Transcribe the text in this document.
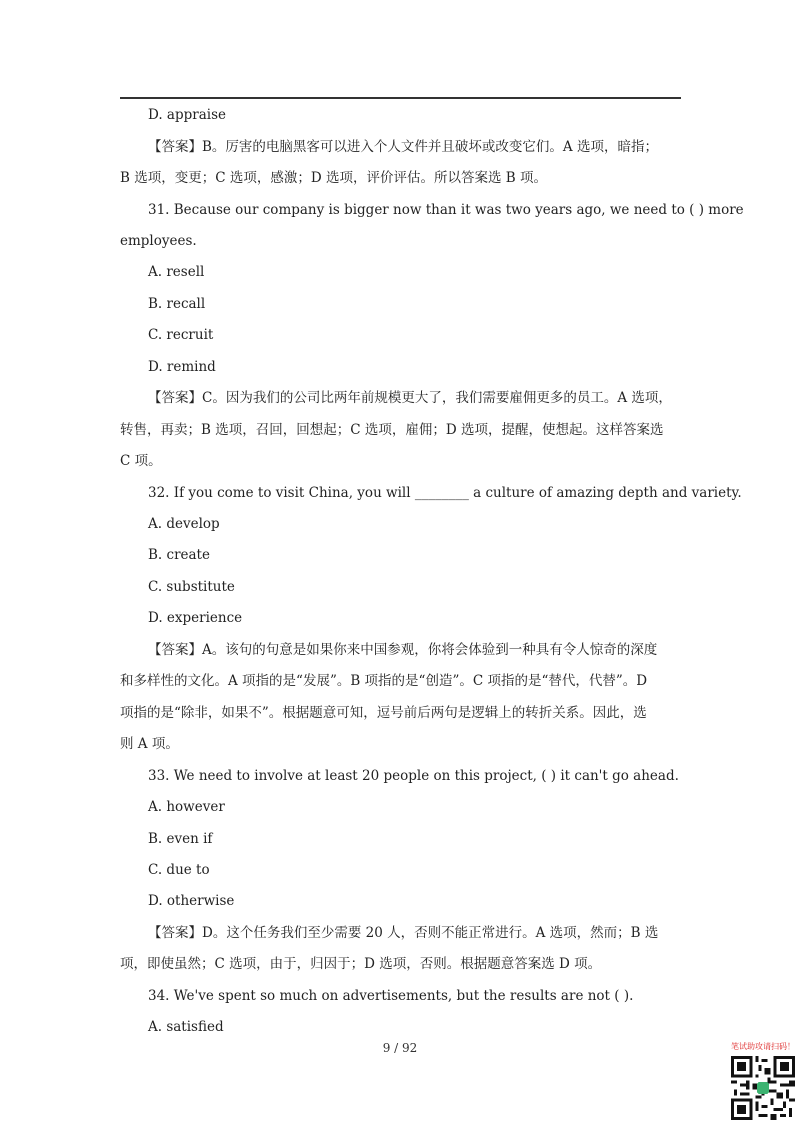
D. appraise
【答案】B。厉害的电脑黑客可以进入个人文件并且破坏或改变它们。A 选项，暗指；
B 选项，变更；C 选项，感激；D 选项，评价评估。所以答案选 B 项。
31. Because our company is bigger now than it was two years ago, we need to ( ) more
employees.
A. resell
B. recall
C. recruit
D. remind
【答案】C。因为我们的公司比两年前规模更大了，我们需要雇佣更多的员工。A 选项，
转售，再卖；B 选项，召回，回想起；C 选项，雇佣；D 选项，提醒，使想起。这样答案选
C 项。
32. If you come to visit China, you will ________ a culture of amazing depth and variety.
A. develop
B. create
C. substitute
D. experience
【答案】A。该句的句意是如果你来中国参观，你将会体验到一种具有令人惊奇的深度
和多样性的文化。A 项指的是“发展”。B 项指的是“创造”。C 项指的是“替代，代替”。D
项指的是“除非，如果不”。根据题意可知，逗号前后两句是逻辑上的转折关系。因此，选
则 A 项。
33. We need to involve at least 20 people on this project, ( ) it can't go ahead.
A. however
B. even if
C. due to
D. otherwise
【答案】D。这个任务我们至少需要 20 人，否则不能正常进行。A 选项，然而；B 选
项，即使虽然；C 选项，由于，归因于；D 选项，否则。根据题意答案选 D 项。
34. We've spent so much on advertisements, but the results are not ( ).
A. satisfied
9 / 92	笔试助攻请扫码！
